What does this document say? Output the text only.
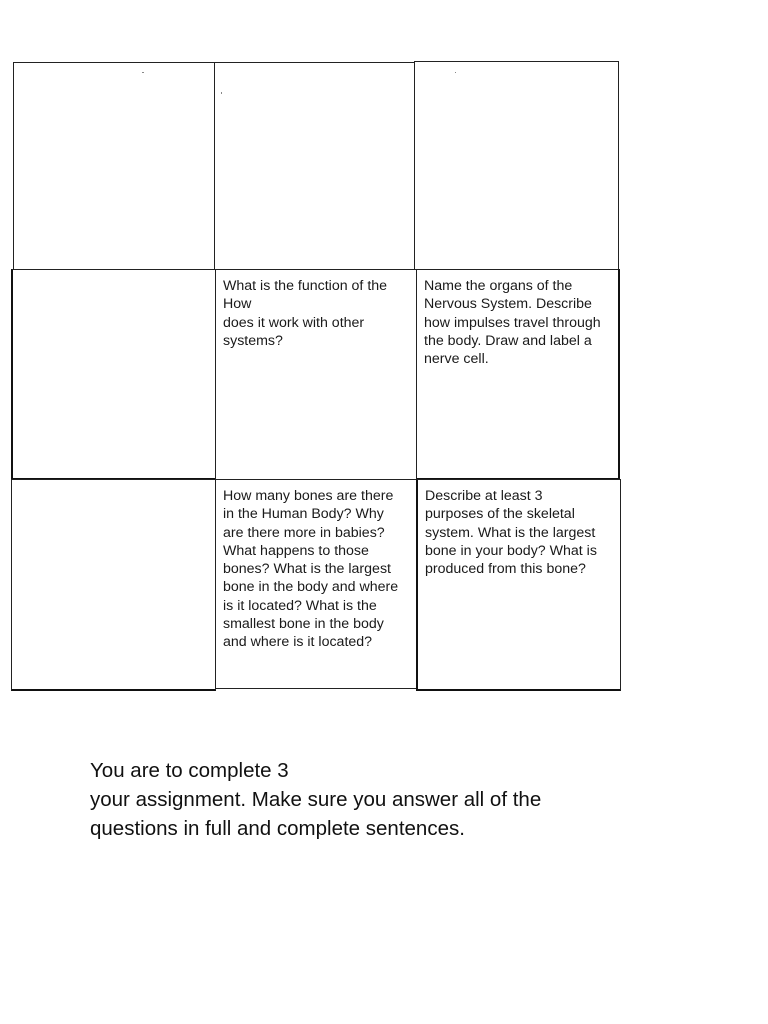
What is the function of the
How
does it work with other
systems?
Name the organs of the
Nervous System. Describe
how impulses travel through
the body. Draw and label a
nerve cell.
How many bones are there
in the Human Body? Why
are there more in babies?
What happens to those
bones? What is the largest
bone in the body and where
is it located? What is the
smallest bone in the body
and where is it located?
Describe at least 3
purposes of the skeletal
system. What is the largest
bone in your body? What is
produced from this bone?
You are to complete 3
your assignment. Make sure you answer all of the
questions in full and complete sentences.
